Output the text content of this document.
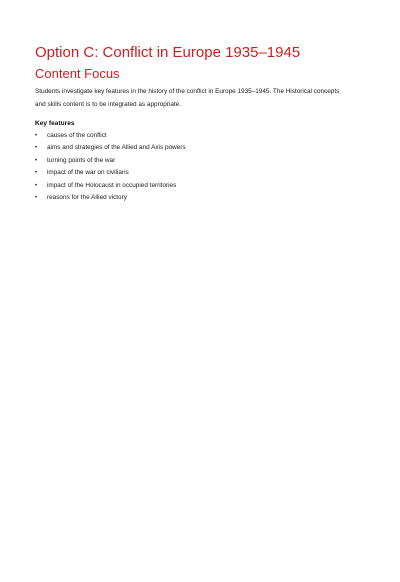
Option C: Conflict in Europe 1935–1945
Content Focus

Students investigate key features in the history of the conflict in Europe 1935–1945. The Historical concepts
and skills content is to be integrated as appropriate.

Key features
• causes of the conflict
• aims and strategies of the Allied and Axis powers
• turning points of the war
• impact of the war on civilians
• impact of the Holocaust in occupied territories
• reasons for the Allied victory
